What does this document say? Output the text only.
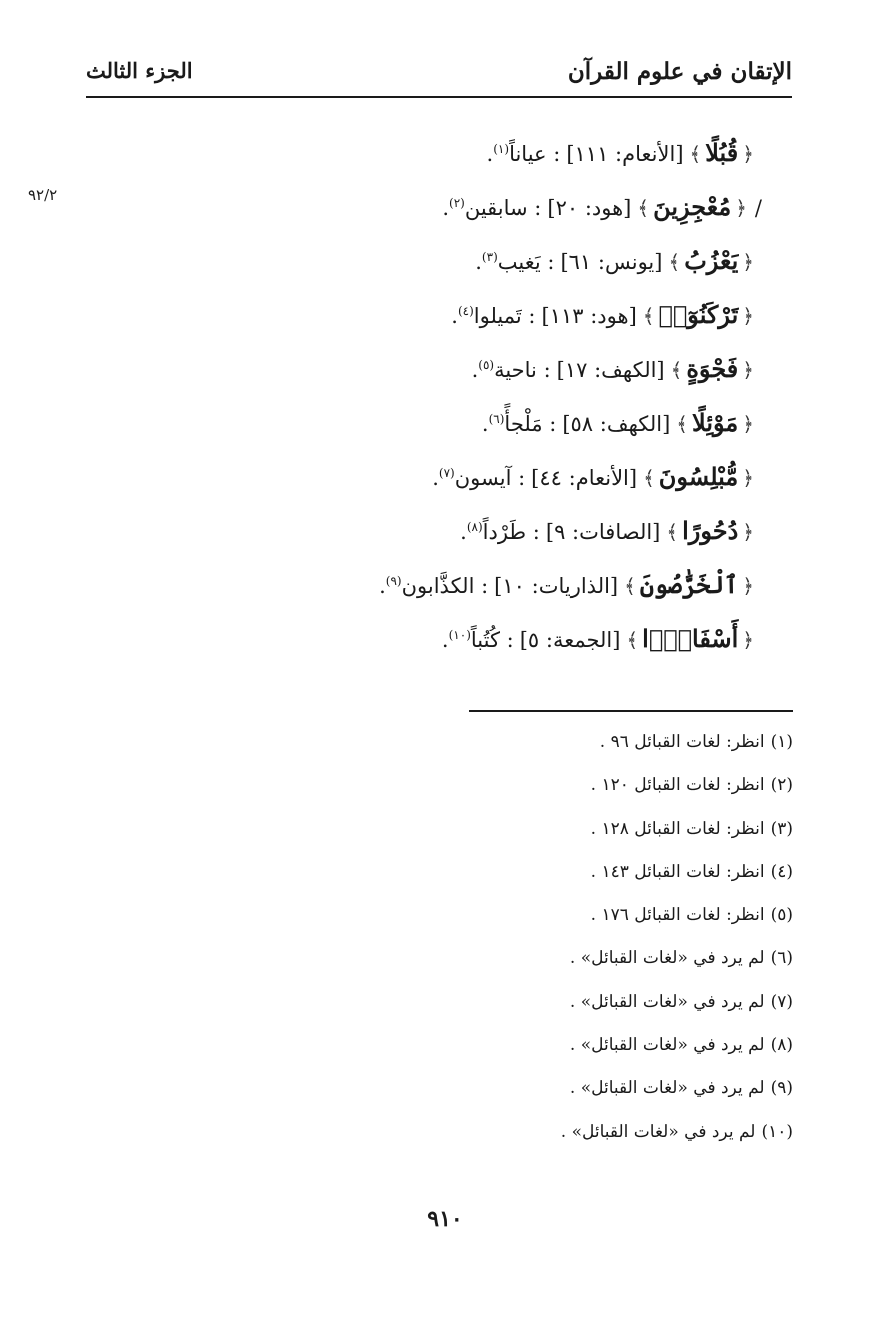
الإتقان في علوم القرآن
الجزء الثالث
٩٢/٢
﴿قُبُلًا﴾[الأنعام: ١١١]: عياناً$^{(١)}$.
/﴿مُعْجِزِينَ﴾[هود: ٢٠]: سابقين$^{(٢)}$.
﴿يَعْزُبُ﴾[يونس: ٦١]: يَغيب$^{(٣)}$.
﴿تَرْكَنُوٓا۟﴾[هود: ١١٣]: تَميلوا$^{(٤)}$.
﴿فَجْوَةٍ﴾[الكهف: ١٧]: ناحية$^{(٥)}$.
﴿مَوْئِلًا﴾[الكهف: ٥٨]: مَلْجأً$^{(٦)}$.
﴿مُّبْلِسُونَ﴾[الأنعام: ٤٤]: آيسون$^{(٧)}$.
﴿دُحُورًا﴾[الصافات: ٩]: طَرْداً$^{(٨)}$.
﴿ٱلْخَرَّٰصُونَ﴾[الذاريات: ١٠]: الكذَّابون$^{(٩)}$.
﴿أَسْفَارًۢا﴾[الجمعة: ٥]: كُتُباً$^{(١٠)}$.
(١)انظر: لغات القبائل ٩٦ .
(٢)انظر: لغات القبائل ١٢٠ .
(٣)انظر: لغات القبائل ١٢٨ .
(٤)انظر: لغات القبائل ١٤٣ .
(٥)انظر: لغات القبائل ١٧٦ .
(٦)لم يرد في «لغات القبائل» .
(٧)لم يرد في «لغات القبائل» .
(٨)لم يرد في «لغات القبائل» .
(٩)لم يرد في «لغات القبائل» .
(١٠)لم يرد في «لغات القبائل» .
٩١٠
